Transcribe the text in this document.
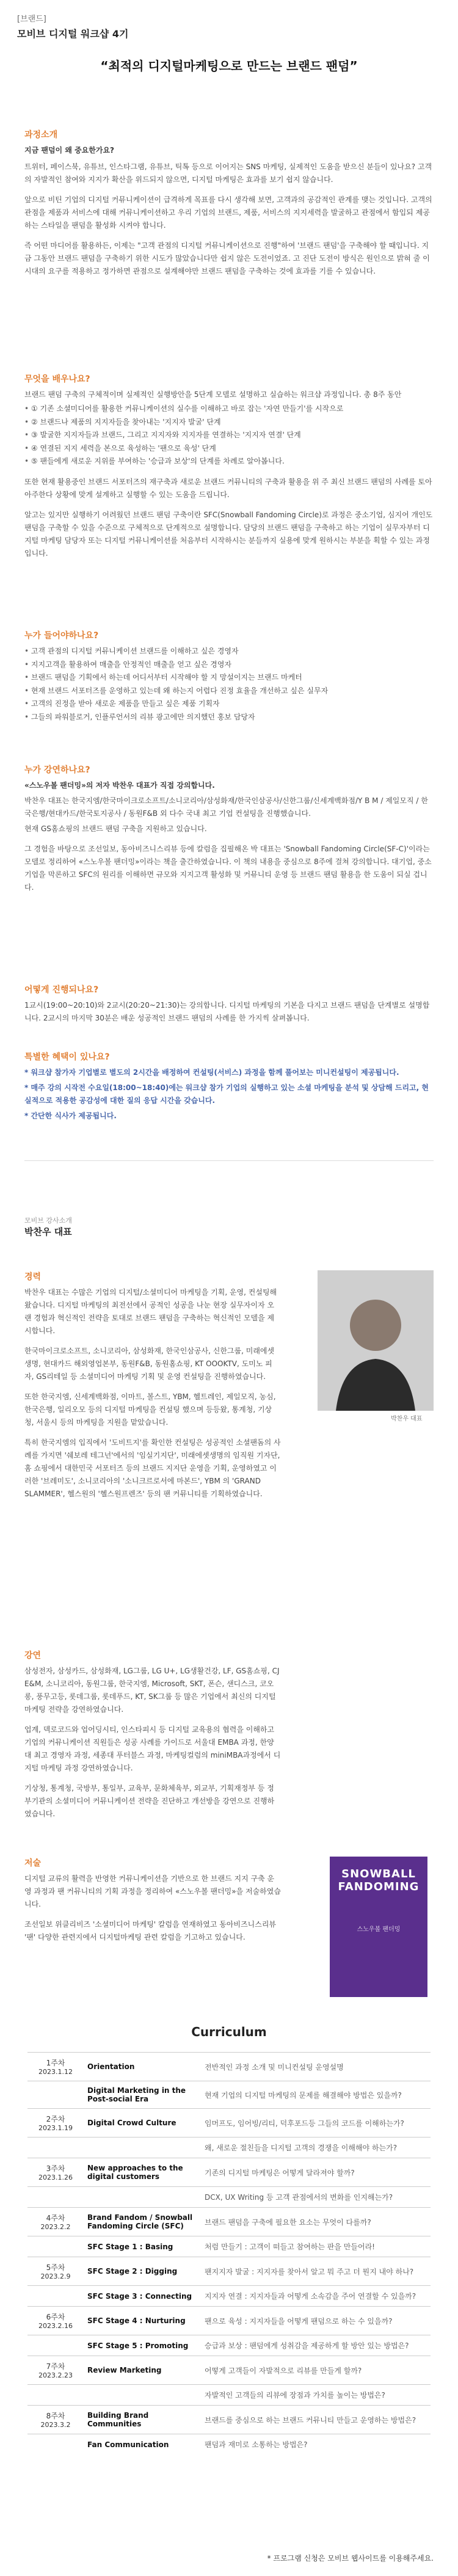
[브랜드]
모비브 디지털 워크샵 4기
“최적의 디지털마케팅으로 만드는 브랜드 팬덤”
과정소개

지금 팬덤이 왜 중요한가요?

트위터, 페이스북, 유튜브, 인스타그램, 유튜브, 틱톡 등으로 이어지는 SNS 마케팅, 실제적인 도움을 받으신 분들이 있나요? 고객의 자발적인 참여와 지지가 확산을 위드되지 않으면, 디지털 마케팅은 효과를 보기 쉽지 않습니다.

앞으로 비틴 기업의 디지털 커뮤니케이션이 급격하게 목표를 다시 생각해 보면, 고객과의 공감적인 관계를 맺는 것입니다. 고객의 관점을 제품과 서비스에 대해 커뮤니케이션하고 우리 기업의 브랜드, 제품, 서비스의 지지세력을 발굴하고 관점에서 함입되 제공하는 스타일을 팬덤을 활성화 시켜야 합니다.

즉 어떤 마디어를 활용하든, 이제는 "고객 관점의 디지털 커뮤니케이션으로 진행"하여 '브랜드 팬덤'을 구축해야 할 때입니다. 지금 그동안 브랜드 팬덤을 구축하기 위한 시도가 많았습니다만 쉽지 않은 도전이었죠. 고 진단 도전이 방식은 원인으로 밝혀 줄 이 시대의 요구를 적용하고 정가하면 관점으로 설계해야만 브랜드 팬덤을 구축하는 것에 효과를 기를 수 있습니다.

무엇을 배우나요?

브랜드 팬덤 구축의 구체적이며 실제적인 실행방안을 5단계 모델로 설명하고 실습하는 워크샵 과정입니다. 총 8주 동안

• ① 기존 소셜미디어를 활용한 커뮤니케이션의 실수를 이해하고 바로 잡는 '자연 만들기'를 시작으로
• ② 브랜드나 제품의 지지자들을 찾아내는 '지지자 발굴' 단계
• ③ 발굴한 지지자들과 브랜드, 그리고 지지자와 지지자를 연결하는 '지지자 연결' 단계
• ④ 연결된 지지 세력을 본으로 육성하는 '팬으로 육성' 단계
• ⑤ 팬들에게 새로운 지위를 부여하는 '승급과 보상'의 단계를 차례로 알아봅니다.

또한 현재 활용중인 브랜드 서포터즈의 재구축과 새로운 브랜드 커뮤니티의 구축과 활용을 위 주 최신 브랜드 팬덤의 사례를 토아 아주한다 상황에 맞게 설계하고 실행할 수 있는 도움을 드립니다.

알고는 있지만 실행하기 어려웠던 브랜드 팬덤 구축이란 SFC(Snowball Fandoming Circle)로 과정은 중소기업, 심지어 개인도 팬덤을 구축할 수 있을 수준으로 구체적으로 단계적으로 설명합니다. 담당의 브랜드 팬덤을 구축하고 하는 기업이 실무자부터 디지털 마케팅 담당자 또는 디지털 커뮤니케이션를 처음부터 시작하시는 분들까지 실용에 맞게 원하시는 부분을 획할 수 있는 과정입니다.

누가 들어야하나요?
• 고객 관점의 디지털 커뮤니케이션 브랜드를 이해하고 싶은 경영자
• 지지고객을 활용하여 매출을 안정적인 매출을 얻고 싶은 경영자
• 브랜드 팬덤을 기획에서 하는데 어디서부터 시작해야 할 지 망설이지는 브랜드 마케터
• 현재 브랜드 서포터즈를 운영하고 있는데 왜 하는지 어렵다 진정 효율을 개선하고 싶은 실무자
• 고객의 진정을 받아 새로운 제품을 만들고 싶은 제품 기획자
• 그들의 파워블로거, 인플루언서의 리뷰 광고에만 의지했던 홍보 담당자
누가 강연하나요?

«스노우볼 팬더밍»의 저자 박찬우 대표가 직접 강의합니다.

박찬우 대표는 한국지엠/한국마이크로소프트/소니코리아/삼성화재/한국인삼공사/신한그룹/신세계백화점/Y B M / 제일모직 / 한국은행/현대카드/한국토지공사 / 동원F&B 외 다수 국내 최고 기업 컨설팅을 진행했습니다.

현재 GS홈쇼핑의 브랜드 팬덤 구축을 지원하고 있습니다.

그 경험을 바탕으로 조선일보, 동아비즈니스리뷰 등에 칼럼을 집필해온 박 대표는 'Snowball Fandoming Circle(SF-C)'이라는 모델로 정리하여 «스노우볼 팬더밍»이라는 책을 출간하였습니다. 이 책의 내용을 중심으로 8주에 걸쳐 강의합니다. 대기업, 중소기업을 막론하고 SFC의 원리를 이해하면 규모와 지지고객 활성화 및 커뮤니티 운영 등 브랜드 팬덤 활용을 한 도움이 되실 겁니다.

어떻게 진행되나요?

1교시(19:00~20:10)와 2교시(20:20~21:30)는 강의합니다. 디지털 마케팅의 기본을 다지고 브랜드 팬덤을 단계별로 설명합니다. 2교시의 마지막 30분은 배운 성공적인 브랜드 팬덤의 사례를 한 가지씩 살펴봅니다.

특별한 혜택이 있나요?

* 워크샵 참가자 기업별로 별도의 2시간을 배정하여 컨설팅(서비스) 과정을 함께 풀어보는 미니컨설팅이 제공됩니다.

* 매주 강의 시작전 수요일(18:00~18:40)에는 워크샵 참가 기업의 실행하고 있는 소셜 마케팅을 분석 및 상담해 드리고, 현실적으로 적용한 공감성에 대한 질의 응답 시간을 갖습니다.

* 간단한 식사가 제공됩니다.

모비브 강사소개
박찬우 대표
경력

박찬우 대표는 수많은 기업의 디지털/소셜미디어 마케팅을 기획, 운영, 컨설팅해 왔습니다. 디지털 마케팅의 최전선에서 공적인 성공을 나눈 현장 실무자이자 오랜 경험과 혁신적인 전략을 토대로 브랜드 팬덤을 구축하는 혁신적인 모델을 제시합니다.

한국마이크로소프트, 소니코리아, 삼성화재, 한국인삼공사, 신한그룹, 미래에셋생명, 현대카드 해외영업본부, 동원F&B, 동원홈쇼핑, KT OOOKTV, 도미노 피자, GS리테일 등 소셜미디어 마케팅 기획 및 운영 컨설팅을 진행하였습니다.

또한 한국지엠, 신세계백화점, 이마트, 볼스트, YBM, 헬트레인, 제일모직, 농심, 한국은행, 일리오모 등의 디지털 마케팅을 컨설팅 했으며 등등왔, 통계청, 기상청, 서울시 등의 마케팅을 지원을 맡았습니다.

특히 한국지엠의 입직에서 '도비트지'를 확인한 컨설팅은 성공적인 소셜팬돔의 사례를 가지면 '쉐보레 테그넌'에서의 '임실기지단', 미래에셋생명의 임직원 기자단, 홈 쇼핑에서 대한민국 서포터즈 등의 브랜드 지지단 운영을 기획, 운영하였고 이러한 '브레미도', 소니코리아의 '소니크르로서에 마본드', YBM 의 'GRAND SLAMMER', 헬스원의 '헬스원프렌즈' 등의 팬 커뮤니티를 기획하였습니다.

박찬우 대표
강연

삼성전자, 삼성카드, 삼성화재, LG그룹, LG U+, LG생활건강, LF, GS홈쇼핑, CJ E&M, 소니코리아, 동원그룹, 한국지엠, Microsoft, SKT, 폰슨, 샌디스크, 코오롱, 풍무고등, 롯데그룹, 롯데푸드, KT, SK그룹 등 많은 기업에서 최신의 디지털 마케팅 전략을 강연하였습니다.

업계, 덱로코드와 업어딩시티, 인스타피시 등 디지털 교육용의 협력을 이해하고 기업의 커뮤니케이션 직원들은 성공 사례를 가이드로 서울대 EMBA 과정, 한양대 최고 경영자 과정, 세종대 푸터블스 과정, 마케팅컬럼의 miniMBA과정에서 디지털 마케팅 과정 강연하였습니다.

기상청, 통계청, 국방부, 통일부, 교육부, 문화체육부, 외교부, 기획재정부 등 정부기관의 소셜미디어 커뮤니케이션 전략을 진단하고 개선방을 강연으로 진행하였습니다.

저술

디지털 교류의 활력을 반영한 커뮤니케이션을 기반으로 한 브랜드 지지 구축 운영 과정과 팬 커뮤니티의 기획 과정을 정리하여 «스노우볼 팬더밍»을 저술하였습니다.

조선일보 위클리비즈 '소셜미디어 마케팅' 칼럼을 연재하였고 동아비즈니스리뷰 '팬' 다양한 관련지에서 디지털마케팅 관련 칼럼을 기고하고 있습니다.

SNOWBALL
FANDOMING
스노우볼 팬더밍
Curriculum
1주차
2023.1.12	Orientation	전반적인 과정 소개 및 미니컨설팅 운영설명

	Digital Marketing in the Post-social Era	현재 기업의 디지털 마케팅의 문제를 해결해야 방법은 있을까?

2주차
2023.1.19	Digital Crowd Culture	임머프도, 임어빙/리티, 덕후포드등 그들의 코드를 이해하는가?

		왜, 새로운 절친들을 디지털 고객의 경쟁을 이해해야 하는가?

3주차
2023.1.26	New approaches to the digital customers	기존의 디지털 마케팅은 어떻게 달라져야 할까?

		DCX, UX Writing 등 고객 관점에서의 변화를 인지해는가?

4주차
2023.2.2	Brand Fandom / Snowball Fandoming Circle (SFC)	브랜드 팬덤을 구축에 필요한 요소는 무엇이 다를까?

	SFC Stage 1 : Basing	처럼 만들기 : 고객이 떠들고 참여하는 판을 만들어라!

5주차
2023.2.9	SFC Stage 2 : Digging	팬지지자 발굴 : 지지자를 찾아서 알고 뭐 주고 더 뭔지 내야 하나?

	SFC Stage 3 : Connecting	지지자 연결 : 지지자들과 어떻게 소속감을 주어 연결할 수 있을까?

6주차
2023.2.16	SFC Stage 4 : Nurturing	팬으로 육성 : 지지자들을 어떻게 팬덤으로 하는 수 있을까?

	SFC Stage 5 : Promoting	승급과 보상 : 팬덤에게 성취감을 제공하게 할 방안 있는 방법은?

7주차
2023.2.23	Review Marketing	어떻게 고객들이 자발적으로 리뷰를 만들게 할까?

		자발적인 고객들의 리뷰에 장점과 가치를 높이는 방법은?

8주차
2023.3.2	Building Brand Communities	브랜드를 중심으로 하는 브랜드 커뮤니티 만들고 운영하는 방법은?

	Fan Communication	팬덤과 재미로 소통하는 방법은?
* 프로그램 신청은 모비브 웹사이트를 이용해주세요.
